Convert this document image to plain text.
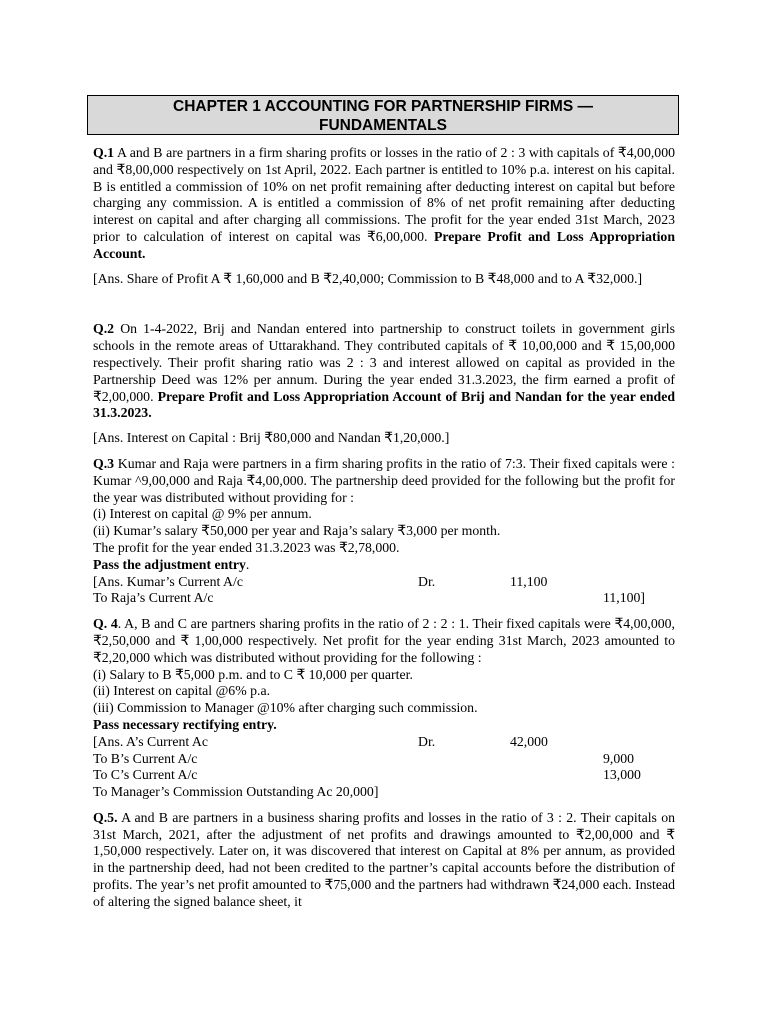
CHAPTER 1 ACCOUNTING FOR PARTNERSHIP FIRMS —
FUNDAMENTALS

Q.1 A and B are partners in a firm sharing profits or losses in the ratio of 2 : 3 with capitals of ₹4,00,000 and ₹8,00,000 respectively on 1st April, 2022. Each partner is entitled to 10% p.a. interest on his capital. B is entitled a commission of 10% on net profit remaining after deducting interest on capital but before charging any commission. A is entitled a commission of 8% of net profit remaining after deducting interest on capital and after charging all commissions. The profit for the year ended 31st March, 2023 prior to calculation of interest on capital was ₹6,00,000. Prepare Profit and Loss Appropriation Account.

[Ans. Share of Profit A ₹ 1,60,000 and B ₹2,40,000; Commission to B ₹48,000 and to A ₹32,000.]

Q.2 On 1-4-2022, Brij and Nandan entered into partnership to construct toilets in government girls schools in the remote areas of Uttarakhand. They contributed capitals of ₹ 10,00,000 and ₹ 15,00,000 respectively. Their profit sharing ratio was 2 : 3 and interest allowed on capital as provided in the Partnership Deed was 12% per annum. During the year ended 31.3.2023, the firm earned a profit of ₹2,00,000. Prepare Profit and Loss Appropriation Account of Brij and Nandan for the year ended 31.3.2023.

[Ans. Interest on Capital : Brij ₹80,000 and Nandan ₹1,20,000.]

Q.3 Kumar and Raja were partners in a firm sharing profits in the ratio of 7:3. Their fixed capitals were : Kumar ^9,00,000 and Raja ₹4,00,000. The partnership deed provided for the following but the profit for the year was distributed without providing for :

(i) Interest on capital @ 9% per annum.
(ii) Kumar’s salary ₹50,000 per year and Raja’s salary ₹3,000 per month.
The profit for the year ended 31.3.2023 was ₹2,78,000.
Pass the adjustment entry.
[Ans. Kumar’s Current A/c	Dr.	11,100
To Raja’s Current A/c	11,100]

Q. 4. A, B and C are partners sharing profits in the ratio of 2 : 2 : 1. Their fixed capitals were ₹4,00,000, ₹2,50,000 and ₹ 1,00,000 respectively. Net profit for the year ending 31st March, 2023 amounted to ₹2,20,000 which was distributed without providing for the following :

(i) Salary to B ₹5,000 p.m. and to C ₹ 10,000 per quarter.
(ii) Interest on capital @6% p.a.
(iii) Commission to Manager @10% after charging such commission.
Pass necessary rectifying entry.
[Ans. A’s Current Ac	Dr.	42,000
To B’s Current A/c	9,000
To C’s Current A/c	13,000
To Manager’s Commission Outstanding Ac 20,000]

Q.5. A and B are partners in a business sharing profits and losses in the ratio of 3 : 2. Their capitals on 31st March, 2021, after the adjustment of net profits and drawings amounted to ₹2,00,000 and ₹ 1,50,000 respectively. Later on, it was discovered that interest on Capital at 8% per annum, as provided in the partnership deed, had not been credited to the partner’s capital accounts before the distribution of profits. The year’s net profit amounted to ₹75,000 and the partners had withdrawn ₹24,000 each. Instead of altering the signed balance sheet, it
